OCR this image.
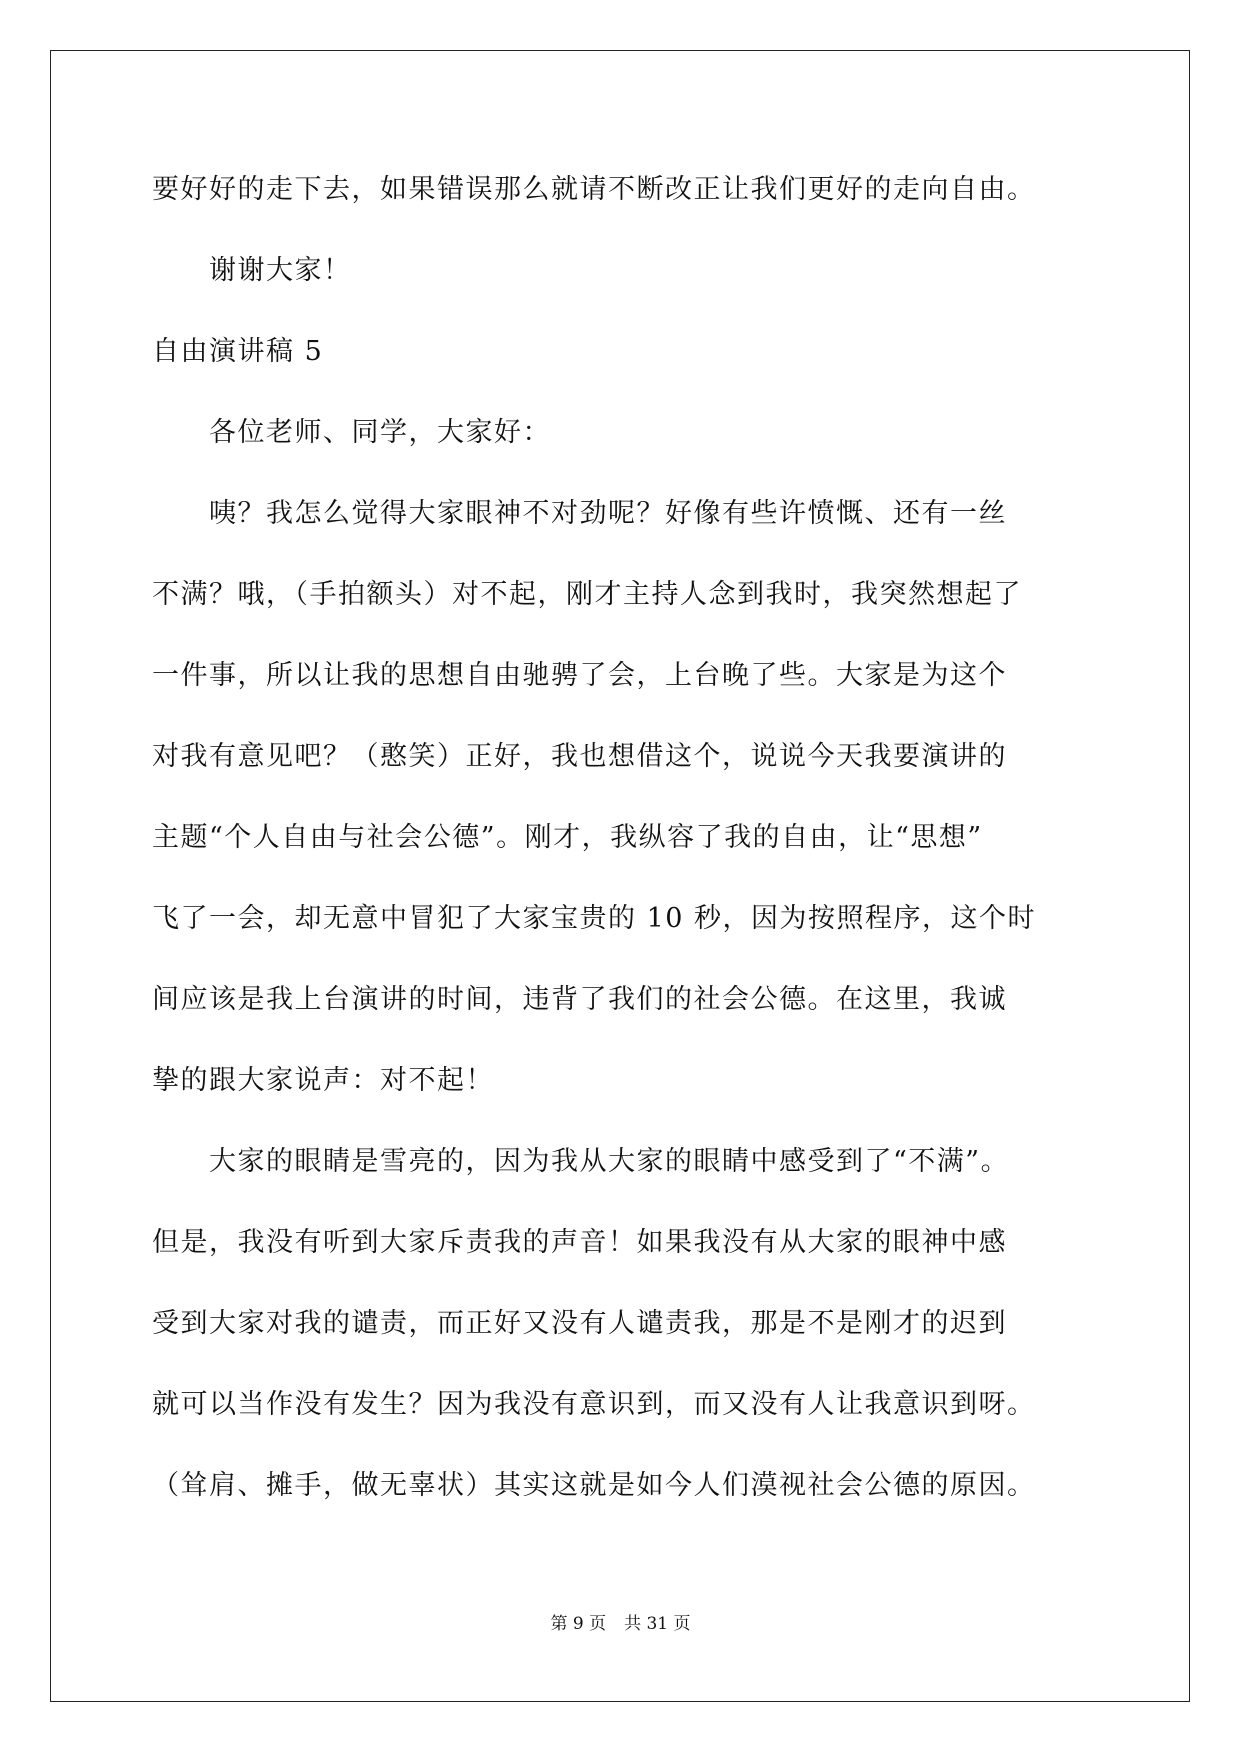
要好好的走下去，如果错误那么就请不断改正让我们更好的走向自由。
　　谢谢大家！
自由演讲稿 5
　　各位老师、同学，大家好：
　　咦？我怎么觉得大家眼神不对劲呢？好像有些许愤慨、还有一丝
不满？哦，（手拍额头）对不起，刚才主持人念到我时，我突然想起了
一件事，所以让我的思想自由驰骋了会，上台晚了些。大家是为这个
对我有意见吧？（憨笑）正好，我也想借这个，说说今天我要演讲的
主题“个人自由与社会公德”。刚才，我纵容了我的自由，让“思想”
飞了一会，却无意中冒犯了大家宝贵的 10 秒，因为按照程序，这个时
间应该是我上台演讲的时间，违背了我们的社会公德。在这里，我诚
挚的跟大家说声：对不起！
　　大家的眼睛是雪亮的，因为我从大家的眼睛中感受到了“不满”。
但是，我没有听到大家斥责我的声音！如果我没有从大家的眼神中感
受到大家对我的谴责，而正好又没有人谴责我，那是不是刚才的迟到
就可以当作没有发生？因为我没有意识到，而又没有人让我意识到呀。
（耸肩、摊手，做无辜状）其实这就是如今人们漠视社会公德的原因。
第 9 页 共 31 页
